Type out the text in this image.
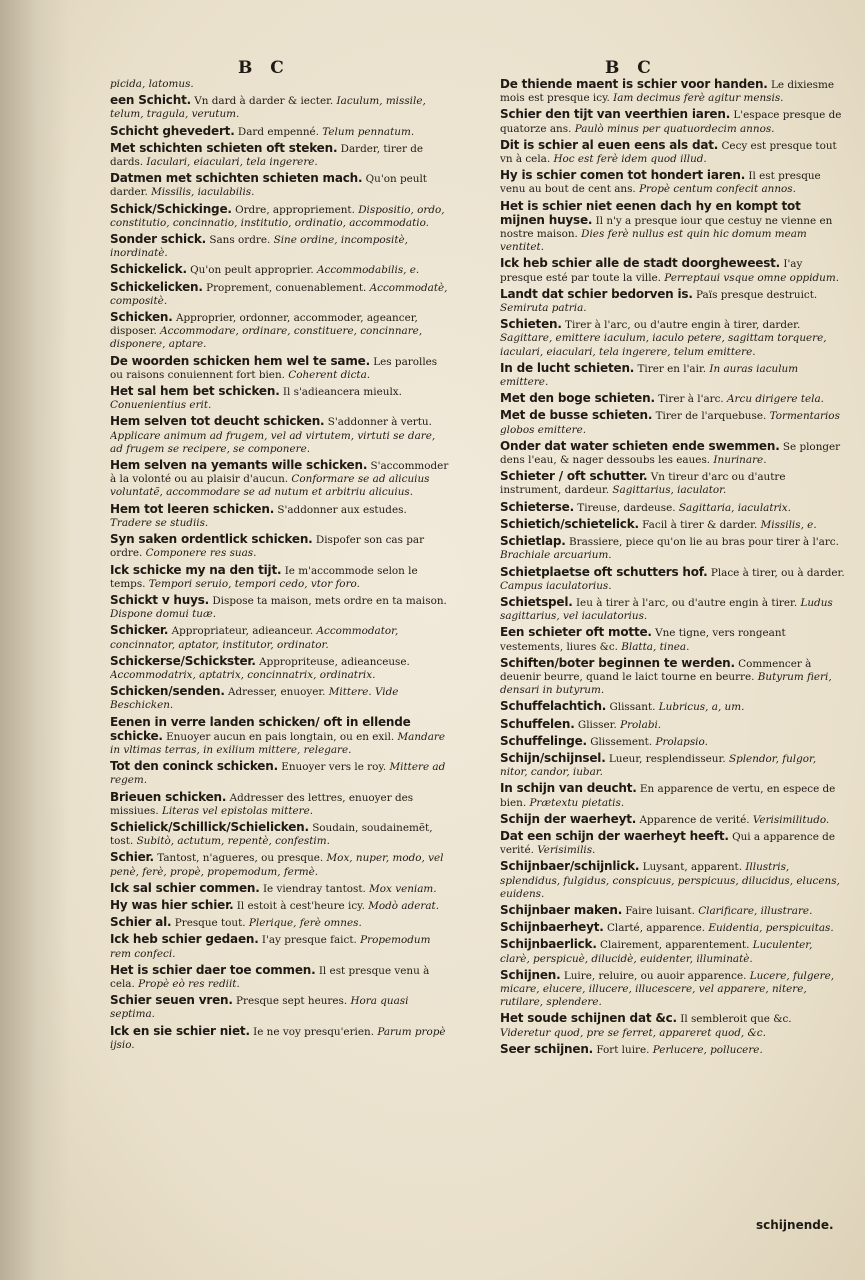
B C	B C

picida, latomus.

een Schicht. Vn dard à darder & iecter. Iaculum, missile, telum, tragula, verutum.

Schicht ghevedert. Dard empenné. Telum pennatum.

Met schichten schieten oft steken. Darder, tirer de dards. Iaculari, eiaculari, tela ingerere.

Datmen met schichten schieten mach. Qu'on peult darder. Missilis, iaculabilis.

Schick/Schickinge. Ordre, appropriement. Dispositio, ordo, constitutio, concinnatio, institutio, ordinatio, accommodatio.

Sonder schick. Sans ordre. Sine ordine, incompositè, inordinatè.

Schickelick. Qu'on peult approprier. Accommodabilis, e.

Schickelicken. Proprement, conuenablement. Accommodatè, compositè.

Schicken. Approprier, ordonner, accommoder, ageancer, disposer. Accommodare, ordinare, constituere, concinnare, disponere, aptare.

De woorden schicken hem wel te same. Les parolles ou raisons conuiennent fort bien. Coherent dicta.

Het sal hem bet schicken. Il s'adieancera mieulx. Conuenientius erit.

Hem selven tot deucht schicken. S'addonner à vertu. Applicare animum ad frugem, vel ad virtutem, virtuti se dare, ad frugem se recipere, se componere.

Hem selven na yemants wille schicken. S'accommoder à la volonté ou au plaisir d'aucun. Conformare se ad alicuius voluntatẽ, accommodare se ad nutum et arbitriu alicuius.

Hem tot leeren schicken. S'addonner aux estudes. Tradere se studiis.

Syn saken ordentlick schicken. Dispofer son cas par ordre. Componere res suas.

Ick schicke my na den tijt. Ie m'accommode selon le temps. Tempori seruio, tempori cedo, vtor foro.

Schickt v huys. Dispose ta maison, mets ordre en ta maison. Dispone domui tuæ.

Schicker. Appropriateur, adieanceur. Accommodator, concinnator, aptator, institutor, ordinator.

Schickerse/Schickster. Appropriteuse, adieanceuse. Accommodatrix, aptatrix, concinnatrix, ordinatrix.

Schicken/senden. Adresser, enuoyer. Mittere. Vide Beschicken.

Eenen in verre landen schicken/ oft in ellende schicke. Enuoyer aucun en pais longtain, ou en exil. Mandare in vltimas terras, in exilium mittere, relegare.

Tot den coninck schicken. Enuoyer vers le roy. Mittere ad regem.

Brieuen schicken. Addresser des lettres, enuoyer des missiues. Literas vel epistolas mittere.

Schielick/Schillick/Schielicken. Soudain, soudainemẽt, tost. Subitò, actutum, repentè, confestim.

Schier. Tantost, n'agueres, ou presque. Mox, nuper, modo, vel penè, ferè, propè, propemodum, fermè.

Ick sal schier commen. Ie viendray tantost. Mox veniam.

Hy was hier schier. Il estoit à cest'heure icy. Modò aderat.

Schier al. Presque tout. Plerique, ferè omnes.

Ick heb schier gedaen. I'ay presque faict. Propemodum rem confeci.

Het is schier daer toe commen. Il est presque venu à cela. Propè eò res rediit.

Schier seuen vren. Presque sept heures. Hora quasi septima.

Ick en sie schier niet. Ie ne voy presqu'erien. Parum propè ijsio.

De thiende maent is schier voor handen. Le dixiesme mois est presque icy. Iam decimus ferè agitur mensis.

Schier den tijt van veerthien iaren. L'espace presque de quatorze ans. Paulò minus per quatuordecim annos.

Dit is schier al euen eens als dat. Cecy est presque tout vn à cela. Hoc est ferè idem quod illud.

Hy is schier comen tot hondert iaren. Il est presque venu au bout de cent ans. Propè centum confecit annos.

Het is schier niet eenen dach hy en kompt tot mijnen huyse. Il n'y a presque iour que cestuy ne vienne en nostre maison. Dies ferè nullus est quin hic domum meam ventitet.

Ick heb schier alle de stadt doorgheweest. I'ay presque esté par toute la ville. Perreptaui vsque omne oppidum.

Landt dat schier bedorven is. Païs presque destruict. Semiruta patria.

Schieten. Tirer à l'arc, ou d'autre engin à tirer, darder. Sagittare, emittere iaculum, iaculo petere, sagittam torquere, iaculari, eiaculari, tela ingerere, telum emittere.

In de lucht schieten. Tirer en l'air. In auras iaculum emittere.

Met den boge schieten. Tirer à l'arc. Arcu dirigere tela.

Met de busse schieten. Tirer de l'arquebuse. Tormentarios globos emittere.

Onder dat water schieten ende swemmen. Se plonger dens l'eau, & nager dessoubs les eaues. Inurinare.

Schieter / oft schutter. Vn tireur d'arc ou d'autre instrument, dardeur. Sagittarius, iaculator.

Schieterse. Tireuse, dardeuse. Sagittaria, iaculatrix.

Schietich/schietelick. Facil à tirer & darder. Missilis, e.

Schietlap. Brassiere, piece qu'on lie au bras pour tirer à l'arc. Brachiale arcuarium.

Schietplaetse oft schutters hof. Place à tirer, ou à darder. Campus iaculatorius.

Schietspel. Ieu à tirer à l'arc, ou d'autre engin à tirer. Ludus sagittarius, vel iaculatorius.

Een schieter oft motte. Vne tigne, vers rongeant vestements, liures &c. Blatta, tinea.

Schiften/boter beginnen te werden. Commencer à deuenir beurre, quand le laict tourne en beurre. Butyrum fieri, densari in butyrum.

Schuffelachtich. Glissant. Lubricus, a, um.

Schuffelen. Glisser. Prolabi.

Schuffelinge. Glissement. Prolapsio.

Schijn/schijnsel. Lueur, resplendisseur. Splendor, fulgor, nitor, candor, iubar.

In schijn van deucht. En apparence de vertu, en espece de bien. Prætextu pietatis.

Schijn der waerheyt. Apparence de verité. Verisimilitudo.

Dat een schijn der waerheyt heeft. Qui a apparence de verité. Verisimilis.

Schijnbaer/schijnlick. Luysant, apparent. Illustris, splendidus, fulgidus, conspicuus, perspicuus, dilucidus, elucens, euidens.

Schijnbaer maken. Faire luisant. Clarificare, illustrare.

Schijnbaerheyt. Clarté, apparence. Euidentia, perspicuitas.

Schijnbaerlick. Clairement, apparentement. Luculenter, clarè, perspicuè, dilucidè, euidenter, illuminatè.

Schijnen. Luire, reluire, ou auoir apparence. Lucere, fulgere, micare, elucere, illucere, illucescere, vel apparere, nitere, rutilare, splendere.

Het soude schijnen dat &c. Il sembleroit que &c. Videretur quod, pre se ferret, appareret quod, &c.

Seer schijnen. Fort luire. Perlucere, pollucere.

schijnende.
